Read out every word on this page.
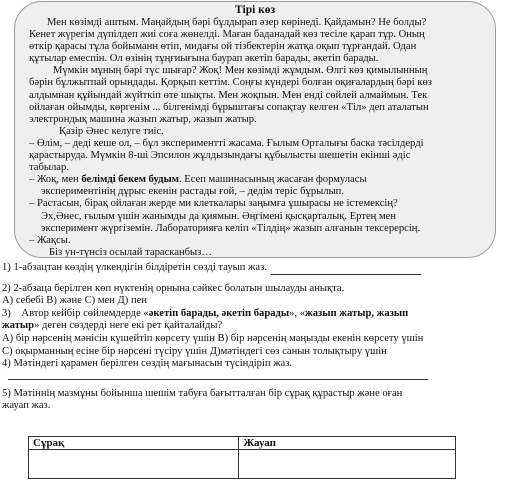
Тірі көз
Мен көзімді аштым. Маңайдың бәрі бұлдырап әзер көрінеді. Қайдамын? Не болды?
Кенет жүрегім дүпілдеп жиі соға жөнелді. Маған баданадай көз тесіле қарап тұр. Оның
өткір қарасы тұла бойыманн өтіп, мидағы ой тізбектерін жатқа оқып тұрғандай. Одан
құтылар емеспін. Ол өзінің тұңғиығына баурап әкетіп барады, әкетіп барады.
Мүмкін мұның бәрі түс шығар? Жоқ! Мен көзімді жұмдым. Өлгі көз қимылынның
бәрін бұлжытпай орындады. Қорқып кеттім. Соңғы күндері болған оқиғалардың бәрі көз
алдымнан құйындай жүйткіп өте шықты. Мен жоқпын. Мен енді сөйлей алмаймын. Тек
ойлаған ойымды, көргенім ... білгенімді бұрыштағы сопақтау келген «Тіл» деп аталатын
электрондық машина жазып жатыр, жазып жатыр.
Қазір Әнес келуге тиіс.
– Өлім, – деді кеше ол, – бұл экспериментті жасама. Ғылым Орталығы баска тәсілдерді
қарастыруда. Мүмкін 8-ші Эпсилон жұлдызындағы құбылысты шешетін екінші әдіс
табылар.
– Жоқ, мен белімді бекем будым. Есеп машинасының жасаған формуласы
экспериментінің дұрыс екенін растады ғой, – дедім теріс бұрылып.
– Растасын, бірақ ойлаған жерде ми клеткалары заңымға ұшырасы не істемексің?
Эх,Әнес, ғылым үшін жанымды да қиямын. Әңгімені қысқарталық. Ертең мен
эксперимент жүргіземін. Лабораторияға келіп «Тілдің» жазып алғанын тексерерсің.
– Жақсы.
Біз ун-түнсіз осылай тарасканбыз…
1) 1-абзацтан көздің үлкендігін білдіретін сөзді тауып жаз.
2) 2-абзаца берілген көп нүктенің орнына сәйкес болатын шылауды анықта.
А) себебі В) және С) мен Д) пен
3)    Автор кейбір сөйлемдерде «әкетіп барады, әкетіп барады», «жазып жатыр, жазып
жатыр» деген сөздерді неге екі рет қайталайды?
А) бір нәрсенің мәнісін күшейтіп көрсету үшін В) бір нәрсенің маңызды екенін көрсету үшін
С) оқырманның есіне бір нәрсені түсіру үшін Д)мәтіндегі сөз санын толықтыру үшін
4) Мәтіндегі қарамен берілген сөздің мағынасын түсіндіріп жаз.
5) Мәтіннің мазмұны бойынша шешім табуға бағытталған бір сұрақ құрастыр және оған
жауап жаз.
Сұрақ	Жауап
